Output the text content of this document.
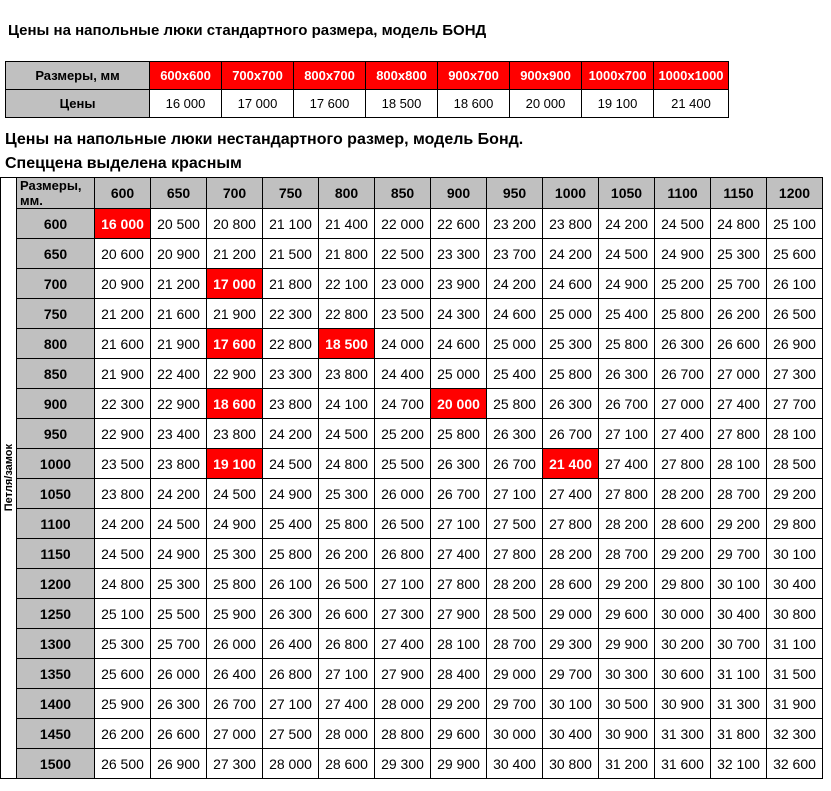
Цены на напольные люки стандартного размера, модель БОНД
Размеры, мм	600x600	700x700	800x700	800x800	900x700	900x900	1000x700	1000x1000
Цены	16 000	17 000	17 600	18 500	18 600	20 000	19 100	21 400
Цены на напольные люки нестандартного размер, модель Бонд.
Спеццена выделена красным
Петля/замок	Размеры, мм.	600	650	700	750	800	850	900	950	1000	1050	1100	1150	1200
	600	16 000	20 500	20 800	21 100	21 400	22 000	22 600	23 200	23 800	24 200	24 500	24 800	25 100
	650	20 600	20 900	21 200	21 500	21 800	22 500	23 300	23 700	24 200	24 500	24 900	25 300	25 600
	700	20 900	21 200	17 000	21 800	22 100	23 000	23 900	24 200	24 600	24 900	25 200	25 700	26 100
	750	21 200	21 600	21 900	22 300	22 800	23 500	24 300	24 600	25 000	25 400	25 800	26 200	26 500
	800	21 600	21 900	17 600	22 800	18 500	24 000	24 600	25 000	25 300	25 800	26 300	26 600	26 900
	850	21 900	22 400	22 900	23 300	23 800	24 400	25 000	25 400	25 800	26 300	26 700	27 000	27 300
	900	22 300	22 900	18 600	23 800	24 100	24 700	20 000	25 800	26 300	26 700	27 000	27 400	27 700
	950	22 900	23 400	23 800	24 200	24 500	25 200	25 800	26 300	26 700	27 100	27 400	27 800	28 100
	1000	23 500	23 800	19 100	24 500	24 800	25 500	26 300	26 700	21 400	27 400	27 800	28 100	28 500
	1050	23 800	24 200	24 500	24 900	25 300	26 000	26 700	27 100	27 400	27 800	28 200	28 700	29 200
	1100	24 200	24 500	24 900	25 400	25 800	26 500	27 100	27 500	27 800	28 200	28 600	29 200	29 800
	1150	24 500	24 900	25 300	25 800	26 200	26 800	27 400	27 800	28 200	28 700	29 200	29 700	30 100
	1200	24 800	25 300	25 800	26 100	26 500	27 100	27 800	28 200	28 600	29 200	29 800	30 100	30 400
	1250	25 100	25 500	25 900	26 300	26 600	27 300	27 900	28 500	29 000	29 600	30 000	30 400	30 800
	1300	25 300	25 700	26 000	26 400	26 800	27 400	28 100	28 700	29 300	29 900	30 200	30 700	31 100
	1350	25 600	26 000	26 400	26 800	27 100	27 900	28 400	29 000	29 700	30 300	30 600	31 100	31 500
	1400	25 900	26 300	26 700	27 100	27 400	28 000	29 200	29 700	30 100	30 500	30 900	31 300	31 900
	1450	26 200	26 600	27 000	27 500	28 000	28 800	29 600	30 000	30 400	30 900	31 300	31 800	32 300
	1500	26 500	26 900	27 300	28 000	28 600	29 300	29 900	30 400	30 800	31 200	31 600	32 100	32 600
